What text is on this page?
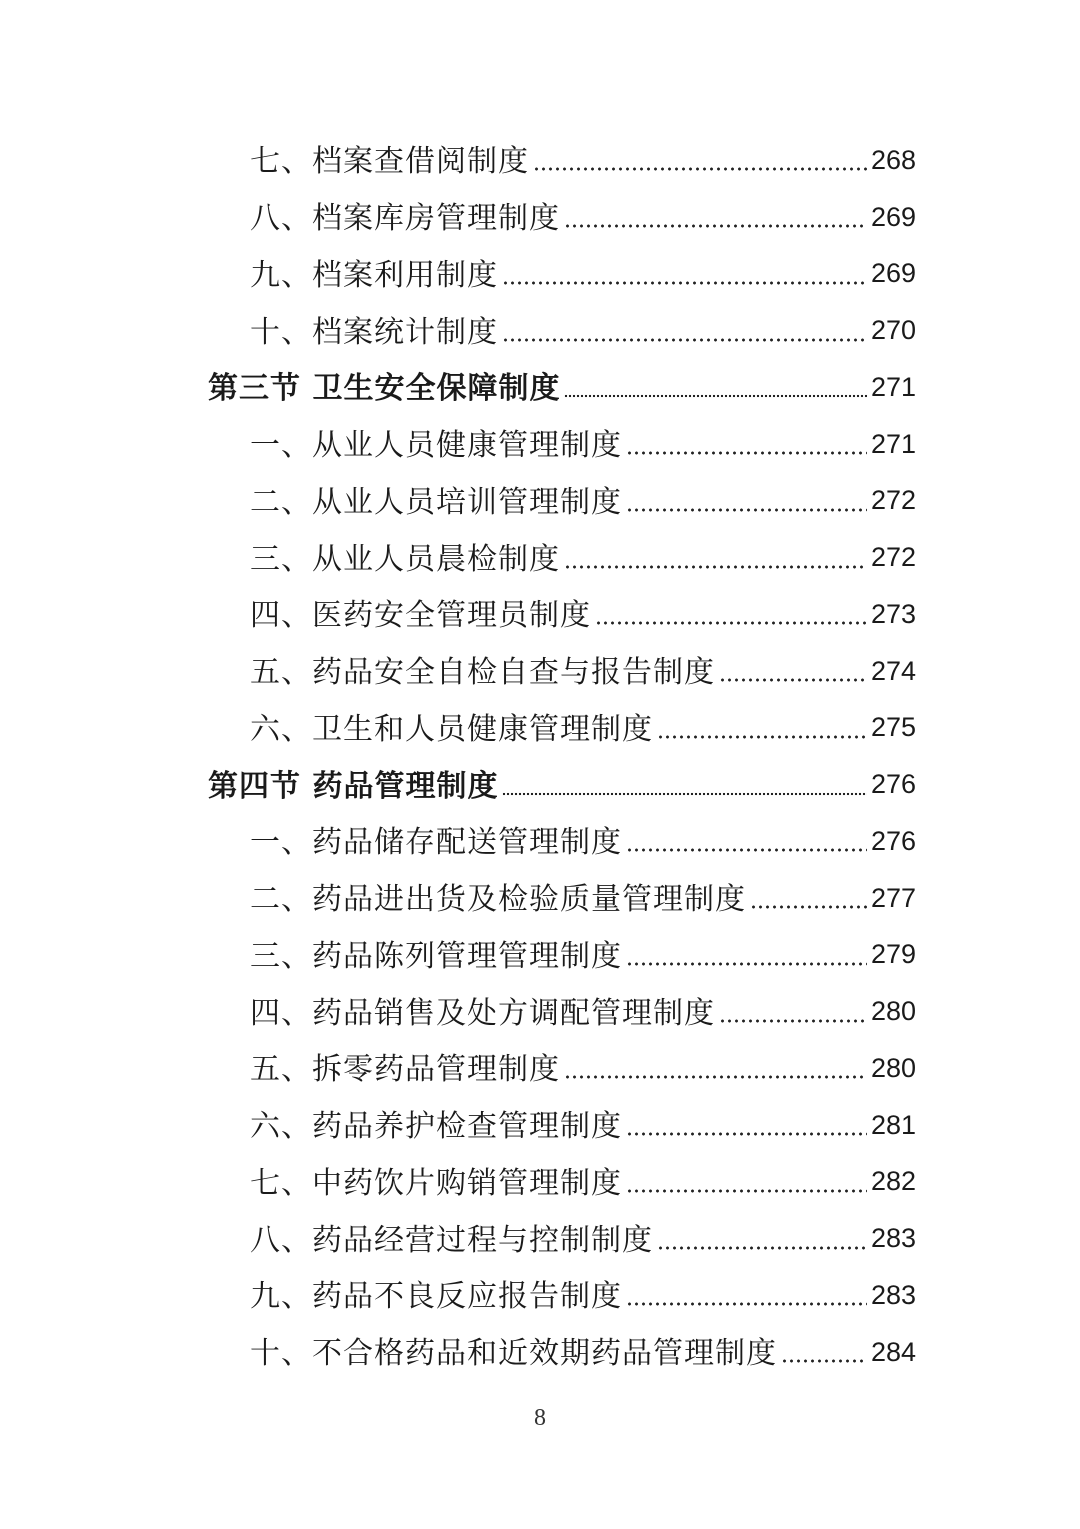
七、档案查借阅制度	268
八、档案库房管理制度	269
九、档案利用制度	269
十、档案统计制度	270
第三节 卫生安全保障制度	271
一、从业人员健康管理制度	271
二、从业人员培训管理制度	272
三、从业人员晨检制度	272
四、医药安全管理员制度	273
五、药品安全自检自查与报告制度	274
六、卫生和人员健康管理制度	275
第四节 药品管理制度	276
一、药品储存配送管理制度	276
二、药品进出货及检验质量管理制度	277
三、药品陈列管理管理制度	279
四、药品销售及处方调配管理制度	280
五、拆零药品管理制度	280
六、药品养护检查管理制度	281
七、中药饮片购销管理制度	282
八、药品经营过程与控制制度	283
九、药品不良反应报告制度	283
十、不合格药品和近效期药品管理制度	284
8
